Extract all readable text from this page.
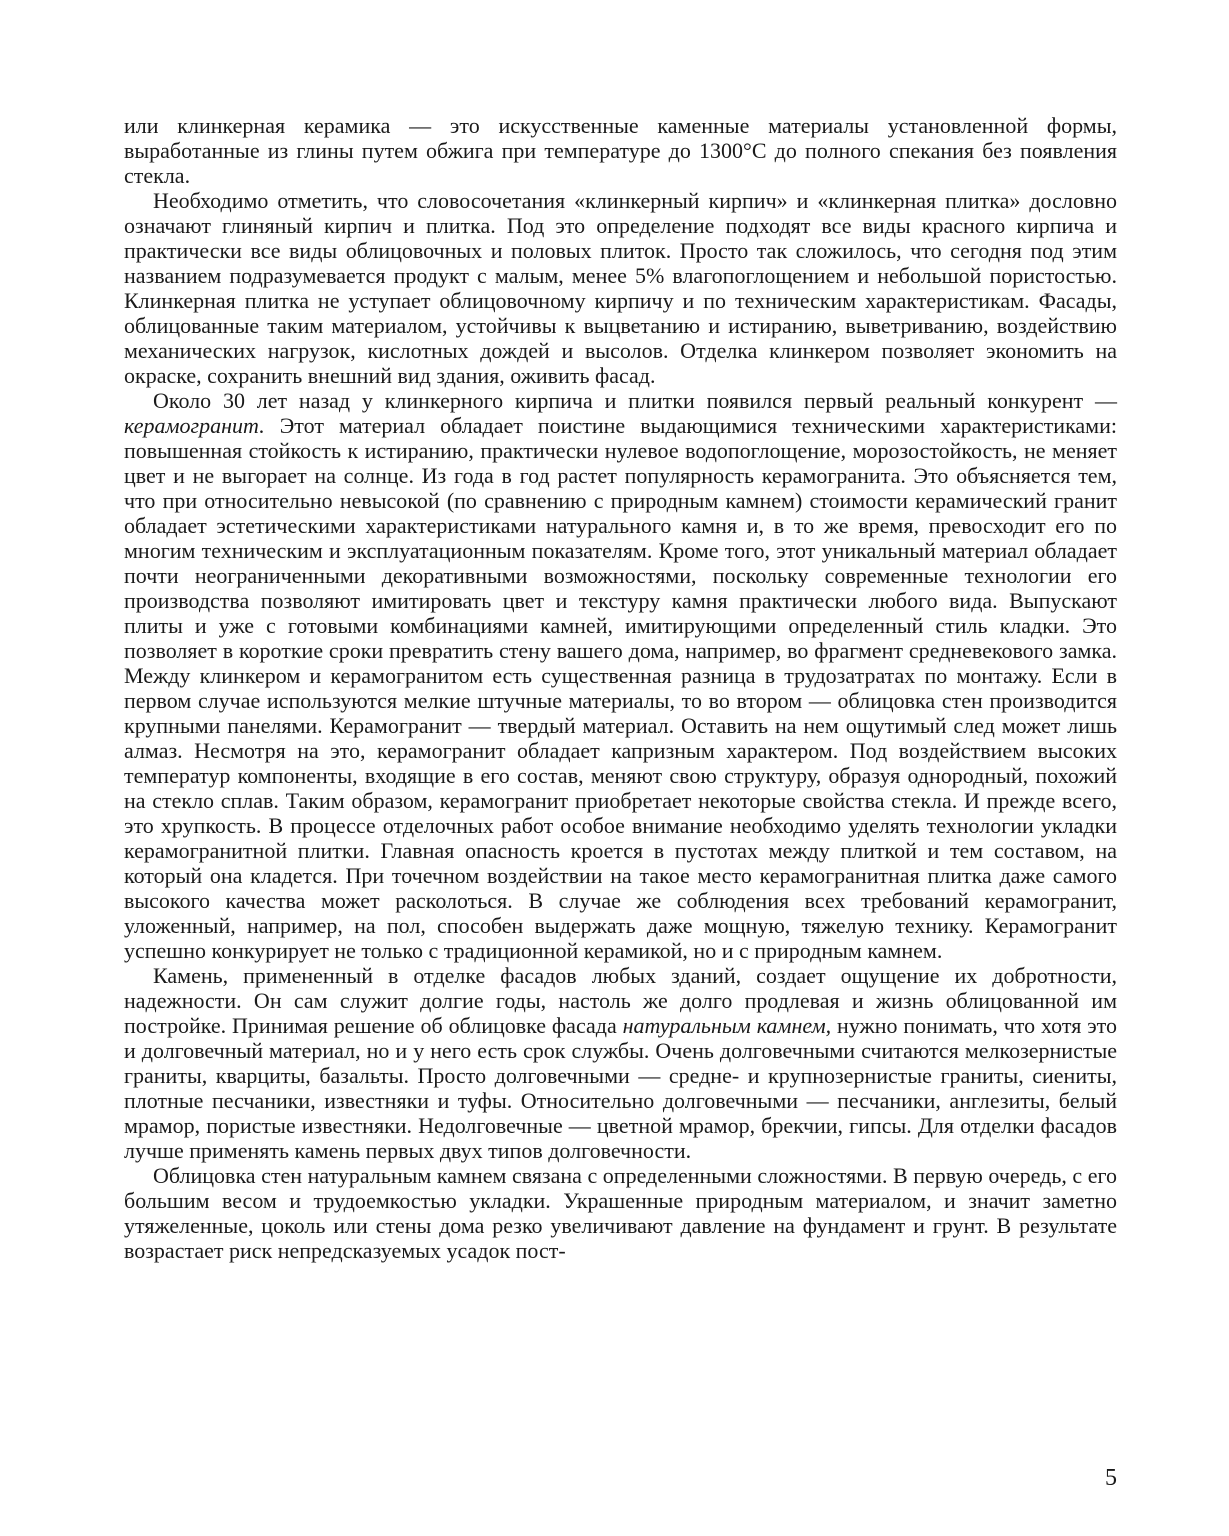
или клинкерная керамика — это искусственные каменные материалы установленной формы, выработанные из глины путем обжига при температуре до 1300°С до полного спекания без появления стекла.

Необходимо отметить, что словосочетания «клинкерный кирпич» и «клинкерная плитка» дословно означают глиняный кирпич и плитка. Под это определение подходят все виды красного кирпича и практически все виды облицовочных и половых плиток. Просто так сложилось, что сегодня под этим названием подразумевается продукт с малым, менее 5% влагопоглощением и небольшой пористостью. Клинкерная плитка не уступает облицовочному кирпичу и по техническим характеристикам. Фасады, облицованные таким материалом, устойчивы к выцветанию и истиранию, выветриванию, воздействию механических нагрузок, кислотных дождей и высолов. Отделка клинкером позволяет экономить на окраске, сохранить внешний вид здания, оживить фасад.

Около 30 лет назад у клинкерного кирпича и плитки появился первый реальный конкурент — керамогранит. Этот материал обладает поистине выдающимися техническими характеристиками: повышенная стойкость к истиранию, практически нулевое водопоглощение, морозостойкость, не меняет цвет и не выгорает на солнце. Из года в год растет популярность керамогранита. Это объясняется тем, что при относительно невысокой (по сравнению с природным камнем) стоимости керамический гранит обладает эстетическими характеристиками натурального камня и, в то же время, превосходит его по многим техническим и эксплуатационным показателям. Кроме того, этот уникальный материал обладает почти неограниченными декоративными возможностями, поскольку современные технологии его производства позволяют имитировать цвет и текстуру камня практически любого вида. Выпускают плиты и уже с готовыми комбинациями камней, имитирующими определенный стиль кладки. Это позволяет в короткие сроки превратить стену вашего дома, например, во фрагмент средневекового замка. Между клинкером и керамогранитом есть существенная разница в трудозатратах по монтажу. Если в первом случае используются мелкие штучные материалы, то во втором — облицовка стен производится крупными панелями. Керамогранит — твердый материал. Оставить на нем ощутимый след может лишь алмаз. Несмотря на это, керамогранит обладает капризным характером. Под воздействием высоких температур компоненты, входящие в его состав, меняют свою структуру, образуя однородный, похожий на стекло сплав. Таким образом, керамогранит приобретает некоторые свойства стекла. И прежде всего, это хрупкость. В процессе отделочных работ особое внимание необходимо уделять технологии укладки керамогранитной плитки. Главная опасность кроется в пустотах между плиткой и тем составом, на который она кладется. При точечном воздействии на такое место керамогранитная плитка даже самого высокого качества может расколоться. В случае же соблюдения всех требований керамогранит, уложенный, например, на пол, способен выдержать даже мощную, тяжелую технику. Керамогранит успешно конкурирует не только с традиционной керамикой, но и с природным камнем.

Камень, примененный в отделке фасадов любых зданий, создает ощущение их добротности, надежности. Он сам служит долгие годы, настоль же долго продлевая и жизнь облицованной им постройке. Принимая решение об облицовке фасада натуральным камнем, нужно понимать, что хотя это и долговечный материал, но и у него есть срок службы. Очень долговечными считаются мелкозернистые граниты, кварциты, базальты. Просто долговечными — средне- и крупнозернистые граниты, сиениты, плотные песчаники, известняки и туфы. Относительно долговечными — песчаники, англезиты, белый мрамор, пористые известняки. Недолговечные — цветной мрамор, брекчии, гипсы. Для отделки фасадов лучше применять камень первых двух типов долговечности.

Облицовка стен натуральным камнем связана с определенными сложностями. В первую очередь, с его большим весом и трудоемкостью укладки. Украшенные природным материалом, и значит заметно утяжеленные, цоколь или стены дома резко увеличивают давление на фундамент и грунт. В результате возрастает риск непредсказуемых усадок пост-

5
